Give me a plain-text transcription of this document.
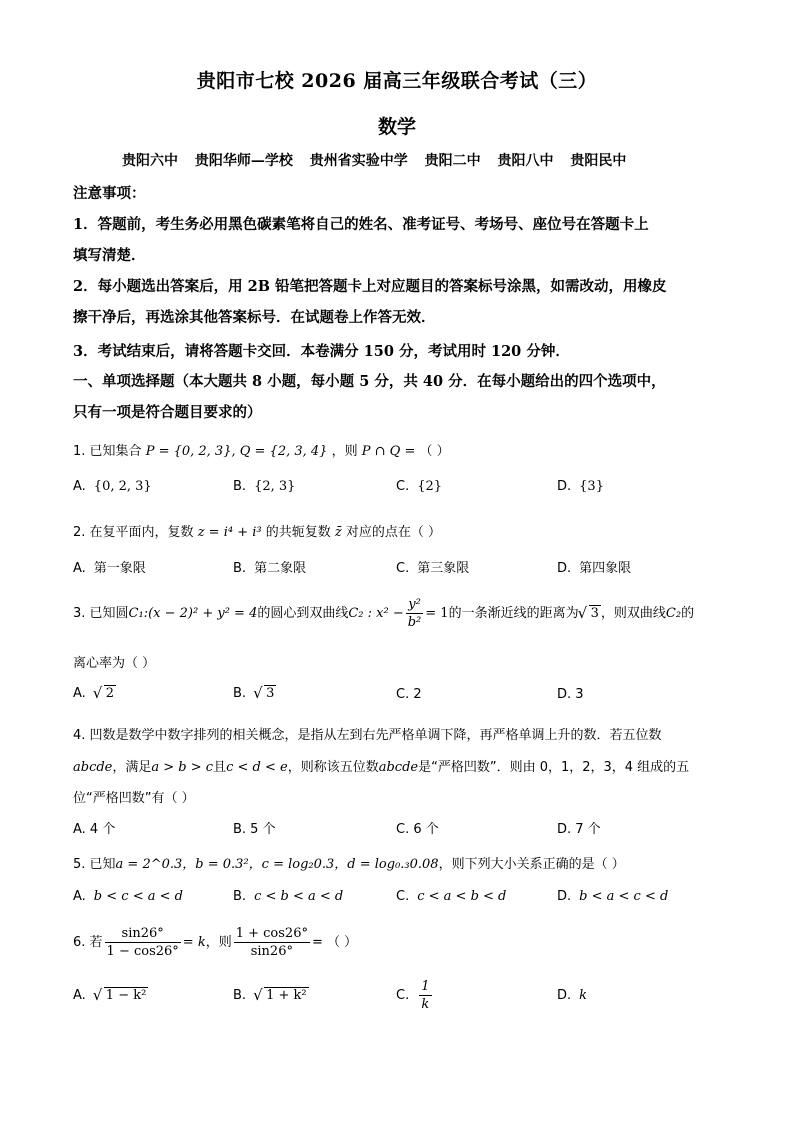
贵阳市七校 2026 届高三年级联合考试（三）
数学
贵阳六中 贵阳华师—学校 贵州省实验中学 贵阳二中 贵阳八中 贵阳民中
注意事项：
1．答题前，考生务必用黑色碳素笔将自己的姓名、准考证号、考场号、座位号在答题卡上
填写清楚．
2．每小题选出答案后，用 2B 铅笔把答题卡上对应题目的答案标号涂黑，如需改动，用橡皮
擦干净后，再选涂其他答案标号．在试题卷上作答无效．
3．考试结束后，请将答题卡交回．本卷满分 150 分，考试用时 120 分钟．
一、单项选择题（本大题共 8 小题，每小题 5 分，共 40 分．在每小题给出的四个选项中，
只有一项是符合题目要求的）
1. 已知集合 P = {0, 2, 3}, Q = {2, 3, 4} ，则 P ∩ Q = （ ）
A. {0, 2, 3}	B. {2, 3}	C. {2}	D. {3}
2. 在复平面内，复数 z = i⁴ + i³ 的共轭复数 z̄ 对应的点在（ ）
A. 第一象限	B. 第二象限	C. 第三象限	D. 第四象限
3. 已知圆C₁:(x − 2)² + y² = 4的圆心到双曲线C₂ : $x^2 - \frac{\text{y²}}{\text{b²}} = 1$的一条渐近线的距离为 √ 3 ，则双曲线C₂的
离心率为（ ）
A. √ 2	B. √ 3	C. 2	D. 3
4. 凹数是数学中数字排列的相关概念，是指从左到右先严格单调下降，再严格单调上升的数．若五位数
abcde，满足a > b > c且c < d < e，则称该五位数abcde是“严格凹数”．则由 0，1，2，3，4 组成的五
位“严格凹数”有（ ）
A. 4 个	B. 5 个	C. 6 个	D. 7 个
5. 已知a = 2^0.3，b = 0.3²，c = log₂0.3，d = log₀.₃0.08，则下列大小关系正确的是（ ）
A. b < c < a < d	B. c < b < a < d	C. c < a < b < d	D. b < a < c < d
6. 若 $\frac{\sin 26^\circ}{1 - \cos 26^\circ} = k$，则 $\frac{1 + \cos 26^\circ}{\sin 26^\circ}$ = （ ）
A. √ 1 − k²	B. √ 1 + k²	C. $\frac{1}{k}$	D. k
